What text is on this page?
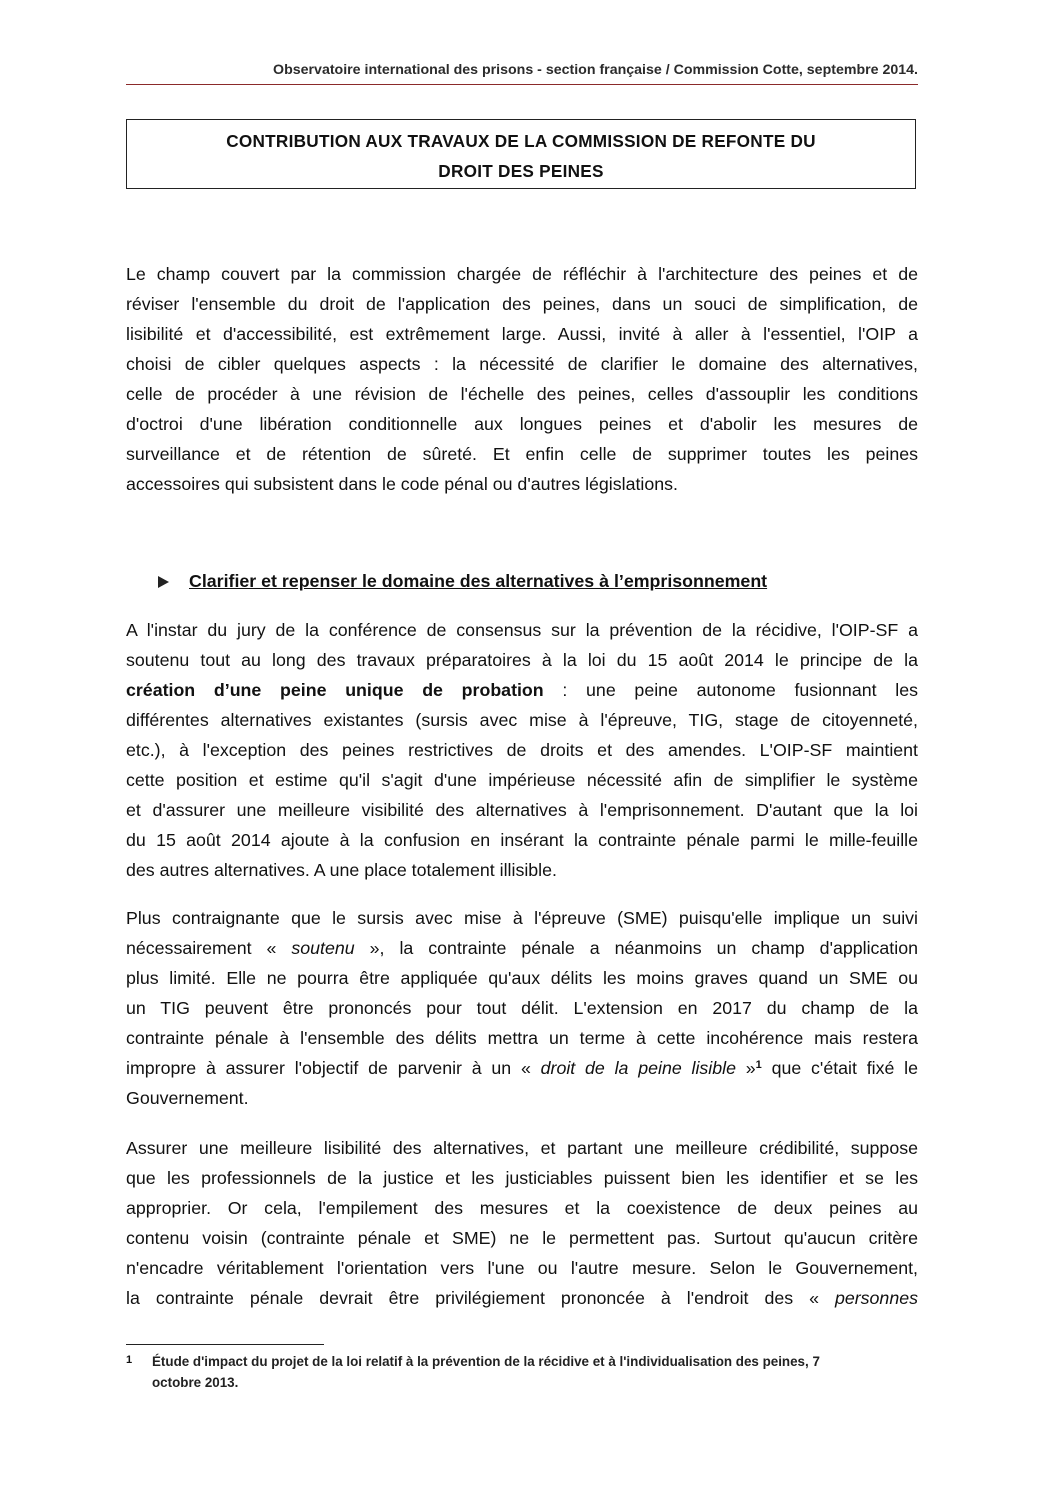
Observatoire international des prisons - section française / Commission Cotte, septembre 2014.
CONTRIBUTION AUX TRAVAUX DE LA COMMISSION DE REFONTE DU
DROIT DES PEINES
Le champ couvert par la commission chargée de réfléchir à l'architecture des peines et de
réviser l'ensemble du droit de l'application des peines, dans un souci de simplification, de
lisibilité et d'accessibilité, est extrêmement large. Aussi, invité à aller à l'essentiel, l'OIP a
choisi de cibler quelques aspects : la nécessité de clarifier le domaine des alternatives,
celle de procéder à une révision de l'échelle des peines, celles d'assouplir les conditions
d'octroi d'une libération conditionnelle aux longues peines et d'abolir les mesures de
surveillance et de rétention de sûreté. Et enfin celle de supprimer toutes les peines
accessoires qui subsistent dans le code pénal ou d'autres législations.
Clarifier et repenser le domaine des alternatives à l’emprisonnement
A l'instar du jury de la conférence de consensus sur la prévention de la récidive, l'OIP-SF a
soutenu tout au long des travaux préparatoires à la loi du 15 août 2014 le principe de la
création d’une peine unique de probation : une peine autonome fusionnant les
différentes alternatives existantes (sursis avec mise à l'épreuve, TIG, stage de citoyenneté,
etc.), à l'exception des peines restrictives de droits et des amendes. L'OIP-SF maintient
cette position et estime qu'il s'agit d'une impérieuse nécessité afin de simplifier le système
et d'assurer une meilleure visibilité des alternatives à l'emprisonnement. D'autant que la loi
du 15 août 2014 ajoute à la confusion en insérant la contrainte pénale parmi le mille-feuille
des autres alternatives. A une place totalement illisible.
Plus contraignante que le sursis avec mise à l'épreuve (SME) puisqu'elle implique un suivi
nécessairement « soutenu », la contrainte pénale a néanmoins un champ d'application
plus limité. Elle ne pourra être appliquée qu'aux délits les moins graves quand un SME ou
un TIG peuvent être prononcés pour tout délit. L'extension en 2017 du champ de la
contrainte pénale à l'ensemble des délits mettra un terme à cette incohérence mais restera
impropre à assurer l'objectif de parvenir à un « droit de la peine lisible »$^1$ que c'était fixé le
Gouvernement.
Assurer une meilleure lisibilité des alternatives, et partant une meilleure crédibilité, suppose
que les professionnels de la justice et les justiciables puissent bien les identifier et se les
approprier. Or cela, l'empilement des mesures et la coexistence de deux peines au
contenu voisin (contrainte pénale et SME) ne le permettent pas. Surtout qu'aucun critère
n'encadre véritablement l'orientation vers l'une ou l'autre mesure. Selon le Gouvernement,
la contrainte pénale devrait être privilégiement prononcée à l'endroit des « personnes
1 Étude d'impact du projet de la loi relatif à la prévention de la récidive et à l'individualisation des peines, 7
octobre 2013.
